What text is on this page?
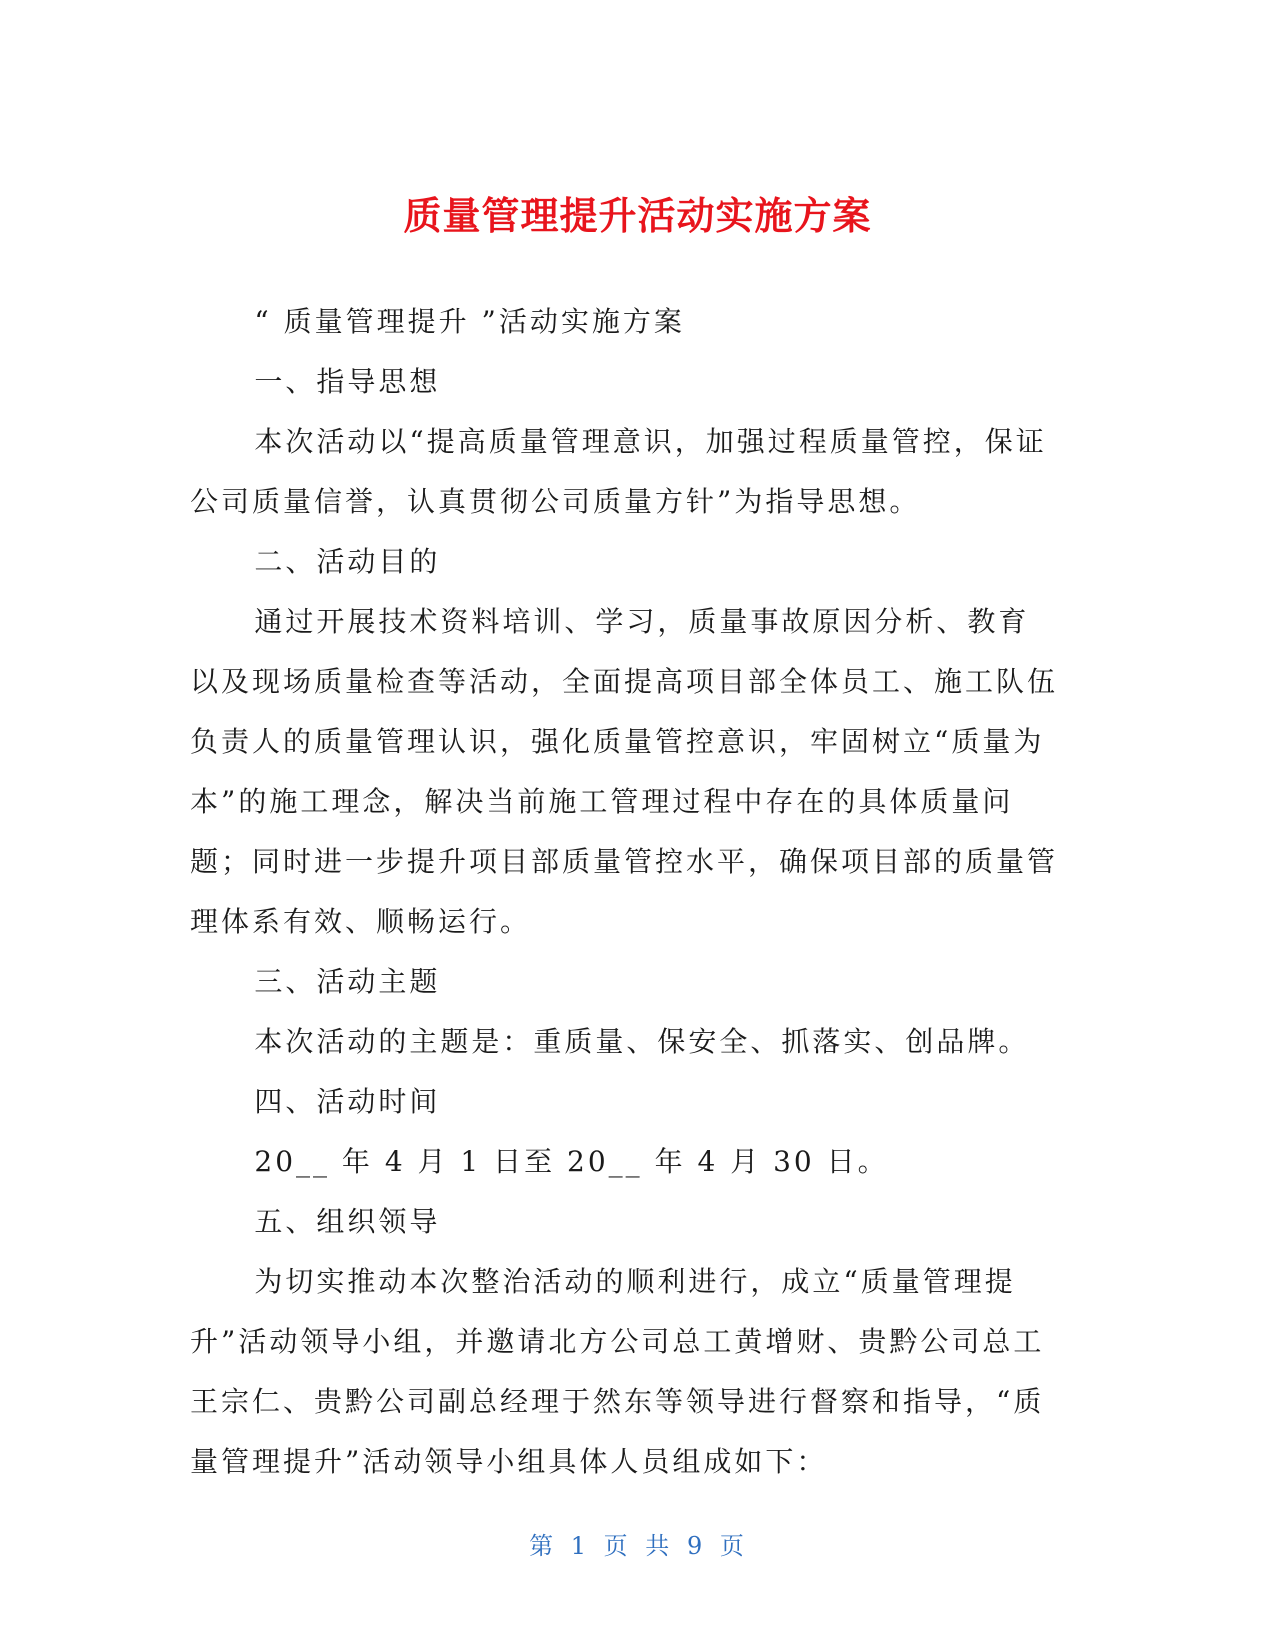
质量管理提升活动实施方案

“ 质量管理提升 ”活动实施方案

一、指导思想

本次活动以“提高质量管理意识，加强过程质量管控，保证公司质量信誉，认真贯彻公司质量方针”为指导思想。

二、活动目的

通过开展技术资料培训、学习，质量事故原因分析、教育以及现场质量检查等活动，全面提高项目部全体员工、施工队伍负责人的质量管理认识，强化质量管控意识，牢固树立“质量为本”的施工理念，解决当前施工管理过程中存在的具体质量问题；同时进一步提升项目部质量管控水平，确保项目部的质量管理体系有效、顺畅运行。

三、活动主题

本次活动的主题是：重质量、保安全、抓落实、创品牌。

四、活动时间

20__ 年 4 月 1 日至 20__ 年 4 月 30 日。

五、组织领导

为切实推动本次整治活动的顺利进行，成立“质量管理提升”活动领导小组，并邀请北方公司总工黄增财、贵黔公司总工王宗仁、贵黔公司副总经理于然东等领导进行督察和指导，“质量管理提升”活动领导小组具体人员组成如下：

第 1 页 共 9 页
